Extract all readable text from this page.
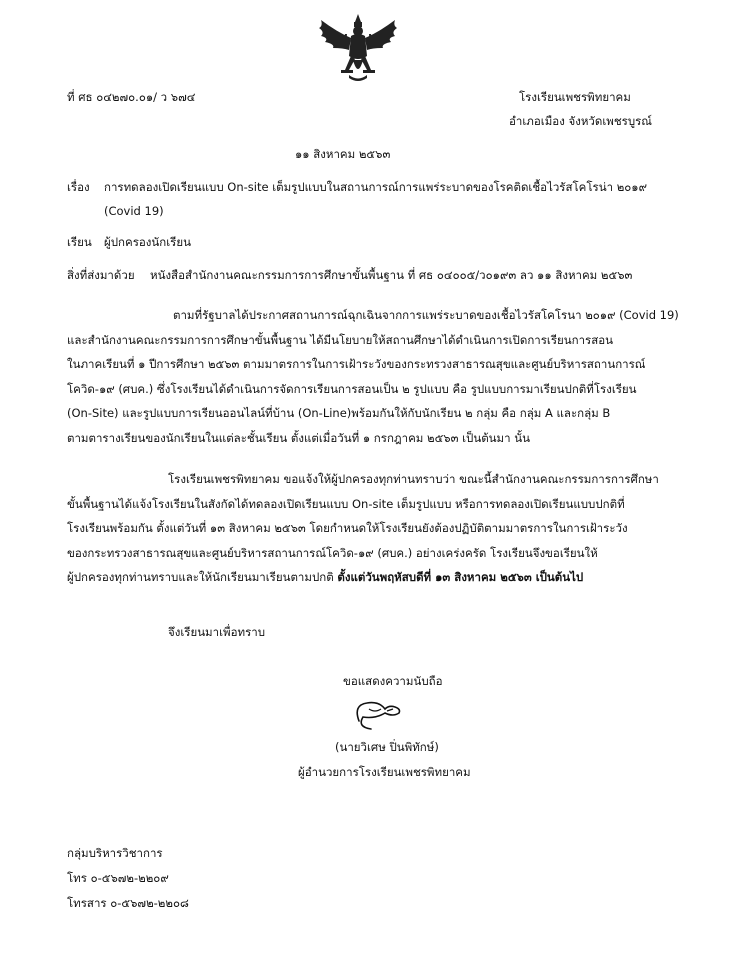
ที่ ศธ ๐๔๒๗๐.๐๑/ ว ๖๗๔	โรงเรียนเพชรพิทยาคม
อำเภอเมือง จังหวัดเพชรบูรณ์
๑๑ สิงหาคม ๒๕๖๓
เรื่อง การทดลองเปิดเรียนแบบ On-site เต็มรูปแบบในสถานการณ์การแพร่ระบาดของโรคติดเชื้อไวรัสโคโรน่า ๒๐๑๙
(Covid 19)
เรียน ผู้ปกครองนักเรียน
สิ่งที่ส่งมาด้วย หนังสือสำนักงานคณะกรรมการการศึกษาขั้นพื้นฐาน ที่ ศธ ๐๔๐๐๕/ว๐๑๙๓ ลว ๑๑ สิงหาคม ๒๕๖๓
ตามที่รัฐบาลได้ประกาศสถานการณ์ฉุกเฉินจากการแพร่ระบาดของเชื้อไวรัสโคโรนา ๒๐๑๙ (Covid 19)
และสำนักงานคณะกรรมการการศึกษาขั้นพื้นฐาน ได้มีนโยบายให้สถานศึกษาได้ดำเนินการเปิดการเรียนการสอน
ในภาคเรียนที่ ๑ ปีการศึกษา ๒๕๖๓ ตามมาตรการในการเฝ้าระวังของกระทรวงสาธารณสุขและศูนย์บริหารสถานการณ์
โควิด-๑๙ (ศบค.) ซึ่งโรงเรียนได้ดำเนินการจัดการเรียนการสอนเป็น ๒ รูปแบบ คือ รูปแบบการมาเรียนปกติที่โรงเรียน
(On-Site) และรูปแบบการเรียนออนไลน์ที่บ้าน (On-Line)พร้อมกันให้กับนักเรียน ๒ กลุ่ม คือ กลุ่ม A และกลุ่ม B
ตามตารางเรียนของนักเรียนในแต่ละชั้นเรียน ตั้งแต่เมื่อวันที่ ๑ กรกฎาคม ๒๕๖๓ เป็นต้นมา นั้น
โรงเรียนเพชรพิทยาคม ขอแจ้งให้ผู้ปกครองทุกท่านทราบว่า ขณะนี้สำนักงานคณะกรรมการการศึกษา
ขั้นพื้นฐานได้แจ้งโรงเรียนในสังกัดได้ทดลองเปิดเรียนแบบ On-site เต็มรูปแบบ หรือการทดลองเปิดเรียนแบบปกติที่
โรงเรียนพร้อมกัน ตั้งแต่วันที่ ๑๓ สิงหาคม ๒๕๖๓ โดยกำหนดให้โรงเรียนยังต้องปฏิบัติตามมาตรการในการเฝ้าระวัง
ของกระทรวงสาธารณสุขและศูนย์บริหารสถานการณ์โควิด-๑๙ (ศบค.) อย่างเคร่งครัด โรงเรียนจึงขอเรียนให้
ผู้ปกครองทุกท่านทราบและให้นักเรียนมาเรียนตามปกติ ตั้งแต่วันพฤหัสบดีที่ ๑๓ สิงหาคม ๒๕๖๓ เป็นต้นไป
จึงเรียนมาเพื่อทราบ
ขอแสดงความนับถือ
(นายวิเศษ ปิ่นพิทักษ์)
ผู้อำนวยการโรงเรียนเพชรพิทยาคม
กลุ่มบริหารวิชาการ
โทร ๐-๕๖๗๒-๒๒๐๙
โทรสาร ๐-๕๖๗๒-๒๒๐๘
